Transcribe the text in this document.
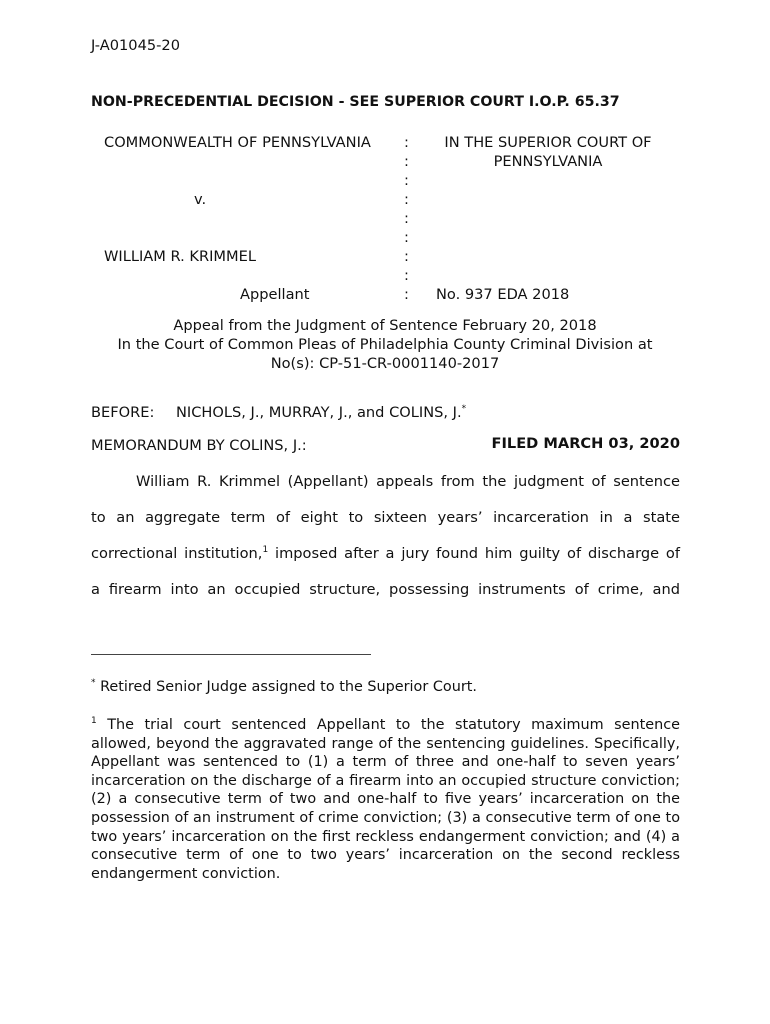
J-A01045-20
NON-PRECEDENTIAL DECISION - SEE SUPERIOR COURT I.O.P. 65.37
COMMONWEALTH OF PENNSYLVANIA
v.
WILLIAM R. KRIMMEL
Appellant
:
:
:
:
:
:
:
:
:
IN THE SUPERIOR COURT OF PENNSYLVANIA
No. 937 EDA 2018
Appeal from the Judgment of Sentence February 20, 2018
In the Court of Common Pleas of Philadelphia County Criminal Division at
No(s): CP-51-CR-0001140-2017
BEFORE: NICHOLS, J., MURRAY, J., and COLINS, J.*
MEMORANDUM BY COLINS, J.:	FILED MARCH 03, 2020
William R. Krimmel (Appellant) appeals from the judgment of sentence
to an aggregate term of eight to sixteen years’ incarceration in a state
correctional institution,$^1$ imposed after a jury found him guilty of discharge of
a firearm into an occupied structure, possessing instruments of crime, and
* Retired Senior Judge assigned to the Superior Court.
$^1$ The trial court sentenced Appellant to the statutory maximum sentence allowed, beyond the aggravated range of the sentencing guidelines. Specifically, Appellant was sentenced to (1) a term of three and one-half to seven years’ incarceration on the discharge of a firearm into an occupied structure conviction; (2) a consecutive term of two and one-half to five years’ incarceration on the possession of an instrument of crime conviction; (3) a consecutive term of one to two years’ incarceration on the first reckless endangerment conviction; and (4) a consecutive term of one to two years’ incarceration on the second reckless endangerment conviction.
